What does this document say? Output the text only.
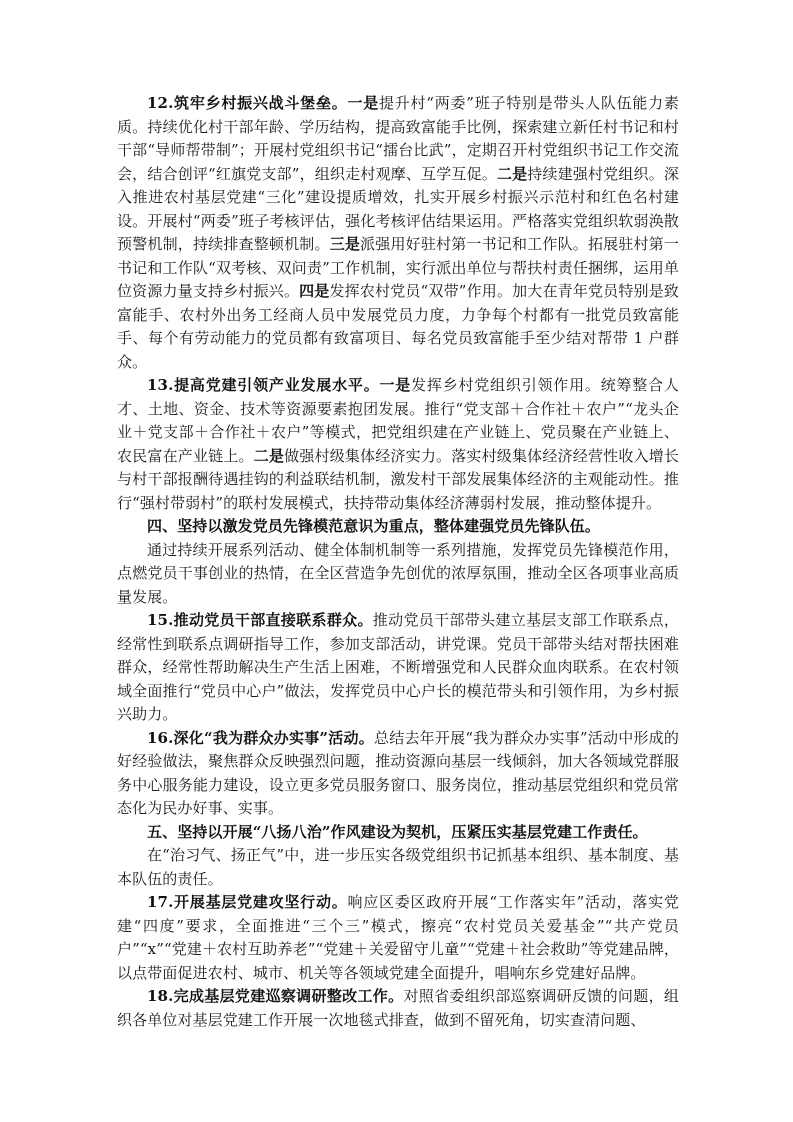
12.筑牢乡村振兴战斗堡垒。一是提升村“两委”班子特别是带头人队伍能力素质。持续优化村干部年龄、学历结构，提高致富能手比例，探索建立新任村书记和村干部“导师帮带制”；开展村党组织书记“擂台比武”，定期召开村党组织书记工作交流会，结合创评“红旗党支部”，组织走村观摩、互学互促。二是持续建强村党组织。深入推进农村基层党建“三化”建设提质增效，扎实开展乡村振兴示范村和红色名村建设。开展村“两委”班子考核评估，强化考核评估结果运用。严格落实党组织软弱涣散预警机制，持续排查整顿机制。三是派强用好驻村第一书记和工作队。拓展驻村第一书记和工作队“双考核、双问责”工作机制，实行派出单位与帮扶村责任捆绑，运用单位资源力量支持乡村振兴。四是发挥农村党员“双带”作用。加大在青年党员特别是致富能手、农村外出务工经商人员中发展党员力度，力争每个村都有一批党员致富能手、每个有劳动能力的党员都有致富项目、每名党员致富能手至少结对帮带 1 户群众。

13.提高党建引领产业发展水平。一是发挥乡村党组织引领作用。统筹整合人才、土地、资金、技术等资源要素抱团发展。推行“党支部＋合作社＋农户”“龙头企业＋党支部＋合作社＋农户”等模式，把党组织建在产业链上、党员聚在产业链上、农民富在产业链上。二是做强村级集体经济实力。落实村级集体经济经营性收入增长与村干部报酬待遇挂钩的利益联结机制，激发村干部发展集体经济的主观能动性。推行“强村带弱村”的联村发展模式，扶持带动集体经济薄弱村发展，推动整体提升。

四、坚持以激发党员先锋模范意识为重点，整体建强党员先锋队伍。

通过持续开展系列活动、健全体制机制等一系列措施，发挥党员先锋模范作用，点燃党员干事创业的热情，在全区营造争先创优的浓厚氛围，推动全区各项事业高质量发展。

15.推动党员干部直接联系群众。推动党员干部带头建立基层支部工作联系点，经常性到联系点调研指导工作，参加支部活动，讲党课。党员干部带头结对帮扶困难群众，经常性帮助解决生产生活上困难，不断增强党和人民群众血肉联系。在农村领域全面推行“党员中心户”做法，发挥党员中心户长的模范带头和引领作用，为乡村振兴助力。

16.深化“我为群众办实事”活动。总结去年开展“我为群众办实事”活动中形成的好经验做法，聚焦群众反映强烈问题，推动资源向基层一线倾斜，加大各领域党群服务中心服务能力建设，设立更多党员服务窗口、服务岗位，推动基层党组织和党员常态化为民办好事、实事。

五、坚持以开展“八扬八治”作风建设为契机，压紧压实基层党建工作责任。

在“治习气、扬正气”中，进一步压实各级党组织书记抓基本组织、基本制度、基本队伍的责任。

17.开展基层党建攻坚行动。响应区委区政府开展“工作落实年”活动，落实党建“四度”要求，全面推进“三个三”模式，擦亮“农村党员关爱基金”“共产党员户”“x”“党建＋农村互助养老”“党建＋关爱留守儿童”“党建＋社会救助”等党建品牌，以点带面促进农村、城市、机关等各领域党建全面提升，唱响东乡党建好品牌。

18.完成基层党建巡察调研整改工作。对照省委组织部巡察调研反馈的问题，组织各单位对基层党建工作开展一次地毯式排查，做到不留死角，切实查清问题、
